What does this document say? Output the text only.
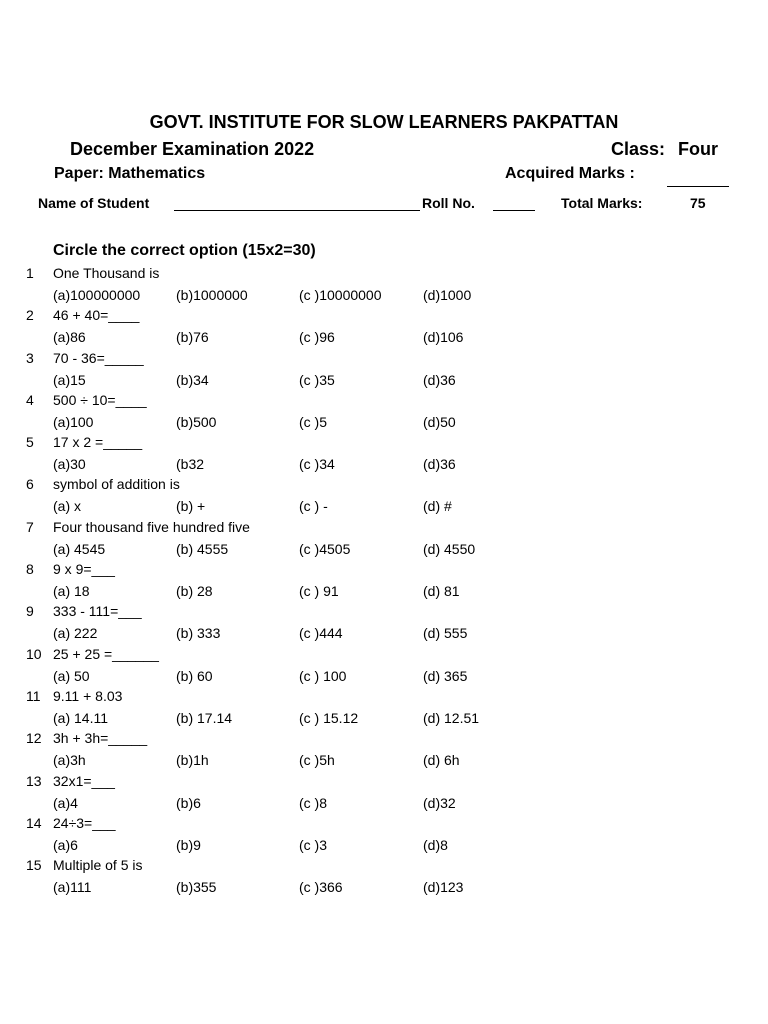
GOVT. INSTITUTE FOR SLOW LEARNERS PAKPATTAN
December Examination 2022	Class: Four
Paper: Mathematics	Acquired Marks :
Name of Student	Roll No.	Total Marks:	75
Circle the correct option (15x2=30)
1 One Thousand is
(a)100000000	(b)1000000	(c )10000000	(d)1000
2 46 + 40=____
(a)86	(b)76	(c )96	(d)106
3 70 - 36=_____
(a)15	(b)34	(c )35	(d)36
4 500 ÷ 10=____
(a)100	(b)500	(c )5	(d)50
5 17 x 2 =_____
(a)30	(b32	(c )34	(d)36
6 symbol of addition is
(a) x	(b) +	(c ) -	(d) #
7 Four thousand five hundred five
(a) 4545	(b) 4555	(c )4505	(d) 4550
8 9 x 9=___
(a) 18	(b) 28	(c ) 91	(d) 81
9 333 - 111=___
(a) 222	(b) 333	(c )444	(d) 555
10 25 + 25 =______
(a) 50	(b) 60	(c ) 100	(d) 365
11 9.11 + 8.03
(a) 14.11	(b) 17.14	(c ) 15.12	(d) 12.51
12 3h + 3h=_____
(a)3h	(b)1h	(c )5h	(d) 6h
13 32x1=___
(a)4	(b)6	(c )8	(d)32
14 24÷3=___
(a)6	(b)9	(c )3	(d)8
15 Multiple of 5 is
(a)111	(b)355	(c )366	(d)123
